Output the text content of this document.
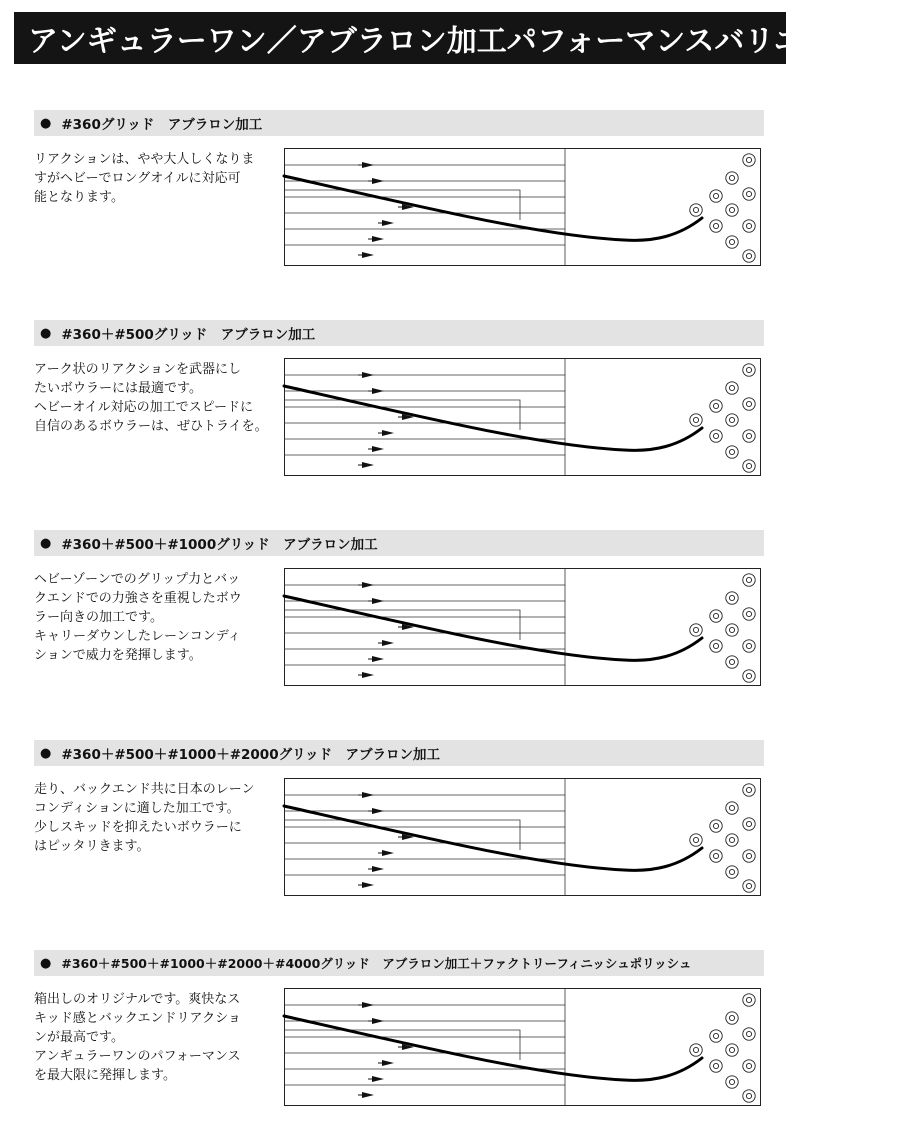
アンギュラーワン／アブラロン加工パフォーマンスバリエーション
● #360グリッド　アブラロン加工
リアクションは、やや大人しくなりま
すがヘビーでロングオイルに対応可
能となります。
● #360＋#500グリッド　アブラロン加工
アーク状のリアクションを武器にし
たいボウラーには最適です。
ヘビーオイル対応の加工でスピードに
自信のあるボウラーは、ぜひトライを。
● #360＋#500＋#1000グリッド　アブラロン加工
ヘビーゾーンでのグリップ力とバッ
クエンドでの力強さを重視したボウ
ラー向きの加工です。
キャリーダウンしたレーンコンディ
ションで威力を発揮します。
● #360＋#500＋#1000＋#2000グリッド　アブラロン加工
走り、バックエンド共に日本のレーン
コンディションに適した加工です。
少しスキッドを抑えたいボウラーに
はピッタリきます。
● #360＋#500＋#1000＋#2000＋#4000グリッド　アブラロン加工＋ファクトリーフィニッシュポリッシュ
箱出しのオリジナルです。爽快なス
キッド感とバックエンドリアクショ
ンが最高です。
アンギュラーワンのパフォーマンス
を最大限に発揮します。
